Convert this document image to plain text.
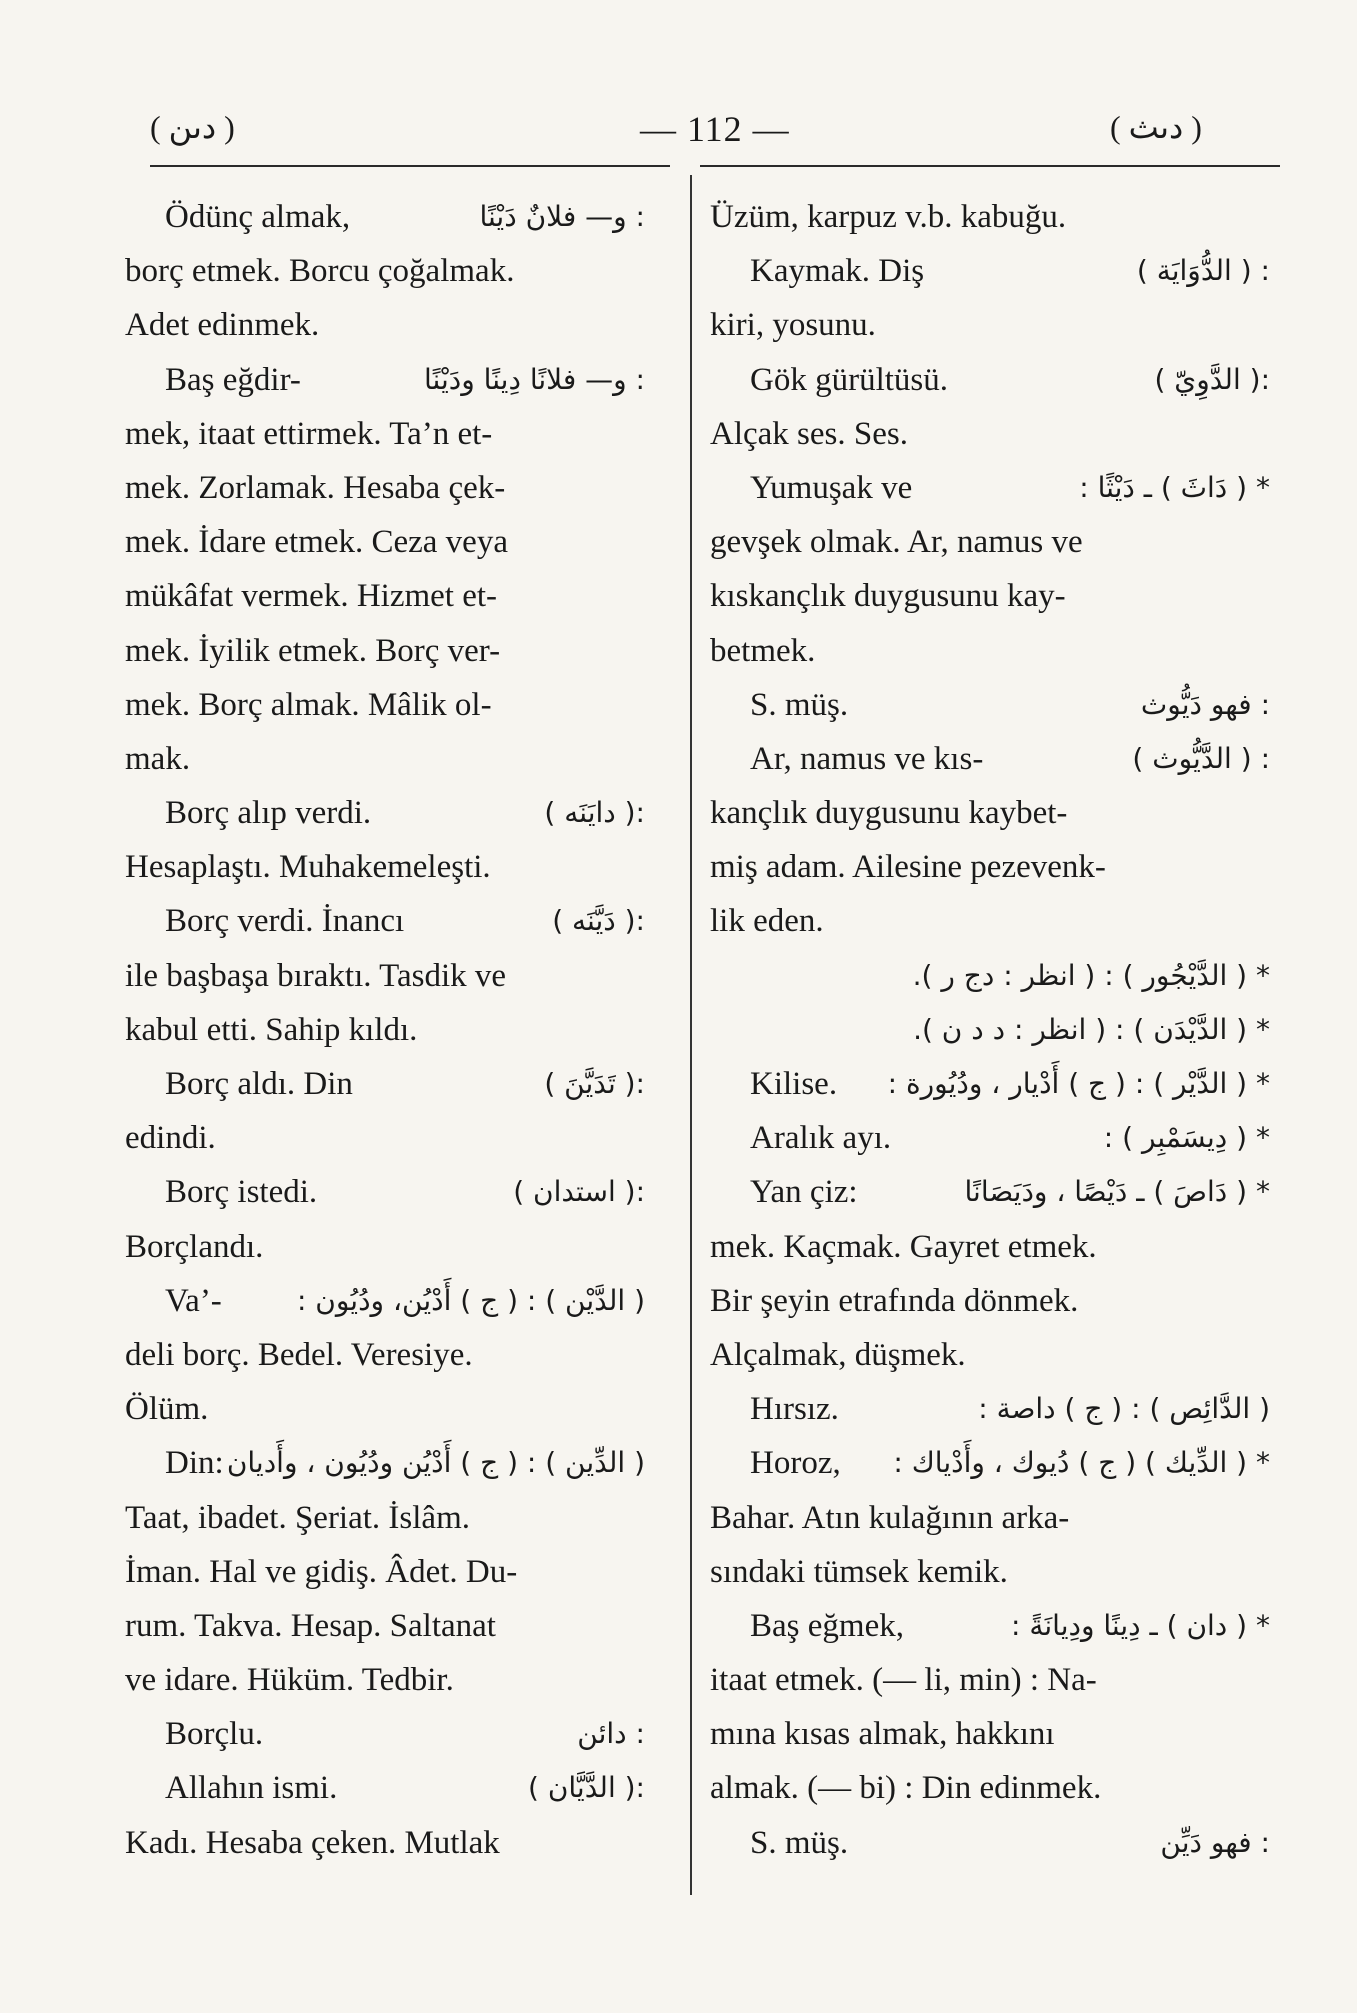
( دىن )	— 112 —	( دىث )
Ödünç almak,	: و— فلانٌ دَيْنًا
borç etmek. Borcu çoğalmak.
Adet edinmek.
Baş eğdir-	: و— فلانًا دِينًا ودَيْنًا
mek, itaat ettirmek. Ta’n et-
mek. Zorlamak. Hesaba çek-
mek. İdare etmek. Ceza veya
mükâfat vermek. Hizmet et-
mek. İyilik etmek. Borç ver-
mek. Borç almak. Mâlik ol-
mak.
Borç alıp verdi.	:( دايَنَه )
Hesaplaştı. Muhakemeleşti.
Borç verdi. İnancı	:( دَيَّنَه )
ile başbaşa bıraktı. Tasdik ve
kabul etti. Sahip kıldı.
Borç aldı. Din	:( تَدَيَّنَ )
edindi.
Borç istedi.	:( استدان )
Borçlandı.
Va’-	( الدَّيْن ) : ( ج ) أَدْيُن، ودُيُون :
deli borç. Bedel. Veresiye.
Ölüm.
Din: ( الدِّين ) : ( ج ) أَدْيُن ودُيُون ، وأَديان
Taat, ibadet. Şeriat. İslâm.
İman. Hal ve gidiş. Âdet. Du-
rum. Takva. Hesap. Saltanat
ve idare. Hüküm. Tedbir.
Borçlu.	: دائن
Allahın ismi.	:( الدَّيَّان )
Kadı. Hesaba çeken. Mutlak
Üzüm, karpuz v.b. kabuğu.
Kaymak. Diş	: ( الدُّوَايَة )
kiri, yosunu.
Gök gürültüsü.	:( الدَّوِيّ )
Alçak ses. Ses.
Yumuşak ve	* ( دَاثَ ) ـ دَيْثًا :
gevşek olmak. Ar, namus ve
kıskançlık duygusunu kay-
betmek.
S. müş.	: فهو دَيُّوث
Ar, namus ve kıs-	: ( الدَّيُّوث )
kançlık duygusunu kaybet-
miş adam. Ailesine pezevenk-
lik eden.
* ( الدَّيْجُور ) : ( انظر : دج ر ).
* ( الدَّيْدَن ) : ( انظر : د د ن ).
Kilise. * ( الدَّيْر ) : ( ج ) أَدْيار ، ودُيُورة :
Aralık ayı.	* ( دِيسَمْبِر ) :
Yan çiz:	* ( دَاصَ ) ـ دَيْصًا ، ودَيَصَانًا
mek. Kaçmak. Gayret etmek.
Bir şeyin etrafında dönmek.
Alçalmak, düşmek.
Hırsız.	( الدَّائِص ) : ( ج ) داصة :
Horoz, * ( الدِّيك ) ( ج ) دُيوك ، وأَدْياك :
Bahar. Atın kulağının arka-
sındaki tümsek kemik.
Baş eğmek,	* ( دان ) ـ دِينًا ودِيانَةً :
itaat etmek. (— li, min) : Na-
mına kısas almak, hakkını
almak. (— bi) : Din edinmek.
S. müş.	: فهو دَيِّن
